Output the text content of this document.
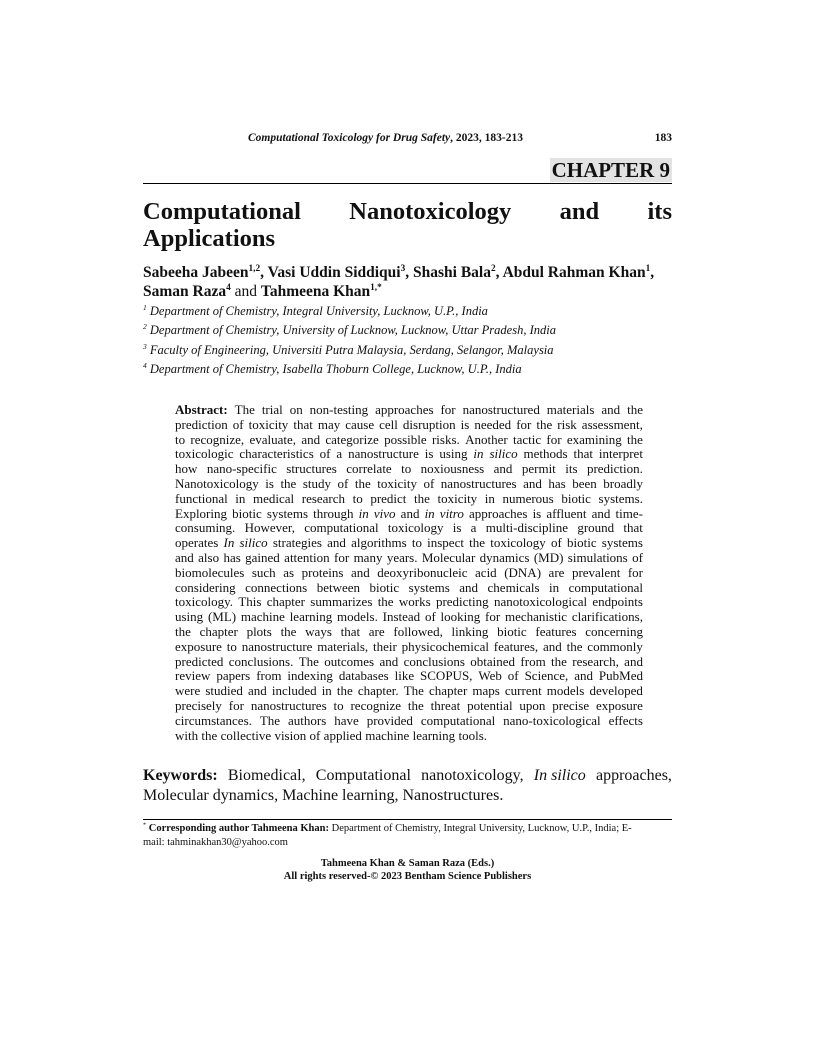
Computational Toxicology for Drug Safety, 2023, 183-213	183
CHAPTER 9
Computational Nanotoxicology and its
Applications
Sabeeha Jabeen$^{1,2}$, Vasi Uddin Siddiqui$^3$, Shashi Bala$^2$, Abdul Rahman Khan$^1$,
Saman Raza$^4$ and Tahmeena Khan$^{1,*}$
$^1$ Department of Chemistry, Integral University, Lucknow, U.P., India
$^2$ Department of Chemistry, University of Lucknow, Lucknow, Uttar Pradesh, India
$^3$ Faculty of Engineering, Universiti Putra Malaysia, Serdang, Selangor, Malaysia
$^4$ Department of Chemistry, Isabella Thoburn College, Lucknow, U.P., India
Abstract: The trial on non-testing approaches for nanostructured materials and the
prediction of toxicity that may cause cell disruption is needed for the risk assessment,
to recognize, evaluate, and categorize possible risks. Another tactic for examining the
toxicologic characteristics of a nanostructure is using in silico methods that interpret
how nano-specific structures correlate to noxiousness and permit its prediction.
Nanotoxicology is the study of the toxicity of nanostructures and has been broadly
functional in medical research to predict the toxicity in numerous biotic systems.
Exploring biotic systems through in vivo and in vitro approaches is affluent and time-
consuming. However, computational toxicology is a multi-discipline ground that
operates In silico strategies and algorithms to inspect the toxicology of biotic systems
and also has gained attention for many years. Molecular dynamics (MD) simulations of
biomolecules such as proteins and deoxyribonucleic acid (DNA) are prevalent for
considering connections between biotic systems and chemicals in computational
toxicology. This chapter summarizes the works predicting nanotoxicological endpoints
using (ML) machine learning models. Instead of looking for mechanistic clarifications,
the chapter plots the ways that are followed, linking biotic features concerning
exposure to nanostructure materials, their physicochemical features, and the commonly
predicted conclusions. The outcomes and conclusions obtained from the research, and
review papers from indexing databases like SCOPUS, Web of Science, and PubMed
were studied and included in the chapter. The chapter maps current models developed
precisely for nanostructures to recognize the threat potential upon precise exposure
circumstances. The authors have provided computational nano-toxicological effects
with the collective vision of applied machine learning tools.
Keywords: Biomedical, Computational nanotoxicology, In silico approaches,
Molecular dynamics, Machine learning, Nanostructures.
* Corresponding author Tahmeena Khan: Department of Chemistry, Integral University, Lucknow, U.P., India; E-
mail: tahminakhan30@yahoo.com
Tahmeena Khan & Saman Raza (Eds.)
All rights reserved-© 2023 Bentham Science Publishers
